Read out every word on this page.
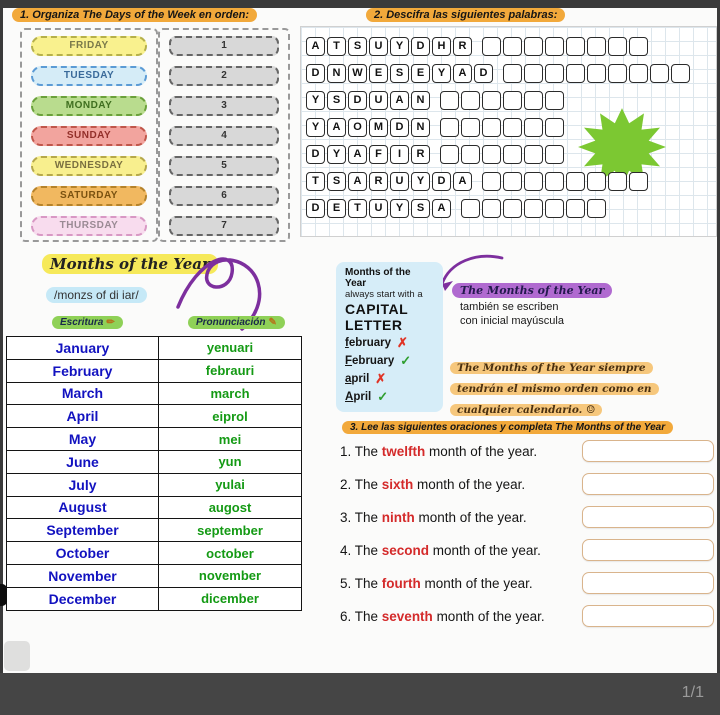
1. Organiza The Days of the Week en orden:
FRIDAY
TUESDAY
MONDAY
SUNDAY
WEDNESDAY
SATURDAY
THURSDAY
1
2
3
4
5
6
7
2. Descifra las siguientes palabras:
A	T	S	U	Y	D	H	R
D	N	W	E	S	E	Y	A	D
Y	S	D	U	A	N
Y	A	O	M	D	N
D	Y	A	F	I	R
T	S	A	R	U	Y	D	A
D	E	T	U	Y	S	A
Months of the Year
/monzs of di iar/
Escritura ✏	Pronunciación ✎
January	yenuari
February	febrauri
March	march
April	eiprol
May	mei
June	yun
July	yulai
August	augost
September	september
October	october
November	november
December	dicember
Months of the Year
always start with a
CAPITAL
LETTER
february ✗
February ✓
april ✗
April ✓
The Months of the Year
también se escriben
con inicial mayúscula
The Months of the Year siempre
tendrán el mismo orden como en
cualquier calendario. ☺
3. Lee las siguientes oraciones y completa The Months of the Year
1. The twelfth month of the year.
2. The sixth month of the year.
3. The ninth month of the year.
4. The second month of the year.
5. The fourth month of the year.
6. The seventh month of the year.
1/1
